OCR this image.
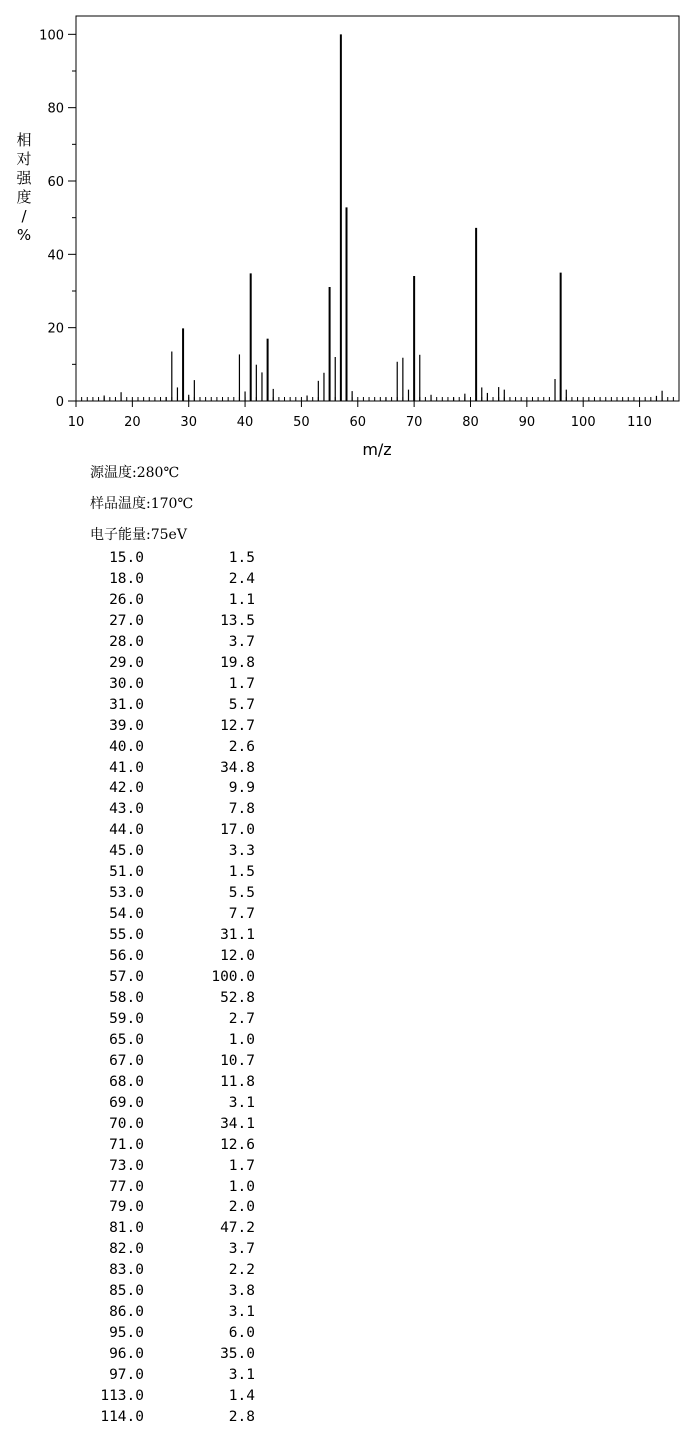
10	20	30	40	50	60	70	80	90	100 110
0
20
40
60
80
100
m/z
相对强度/ %
源温度:280℃
样品温度:170℃
电子能量:75eV
15.0	1.5
18.0	2.4
26.0	1.1
27.0	13.5
28.0	3.7
29.0	19.8
30.0	1.7
31.0	5.7
39.0	12.7
40.0	2.6
41.0	34.8
42.0	9.9
43.0	7.8
44.0	17.0
45.0	3.3
51.0	1.5
53.0	5.5
54.0	7.7
55.0	31.1
56.0	12.0
57.0	100.0
58.0	52.8
59.0	2.7
65.0	1.0
67.0	10.7
68.0	11.8
69.0	3.1
70.0	34.1
71.0	12.6
73.0	1.7
77.0	1.0
79.0	2.0
81.0	47.2
82.0	3.7
83.0	2.2
85.0	3.8
86.0	3.1
95.0	6.0
96.0	35.0
97.0	3.1
113.0	1.4
114.0	2.8
